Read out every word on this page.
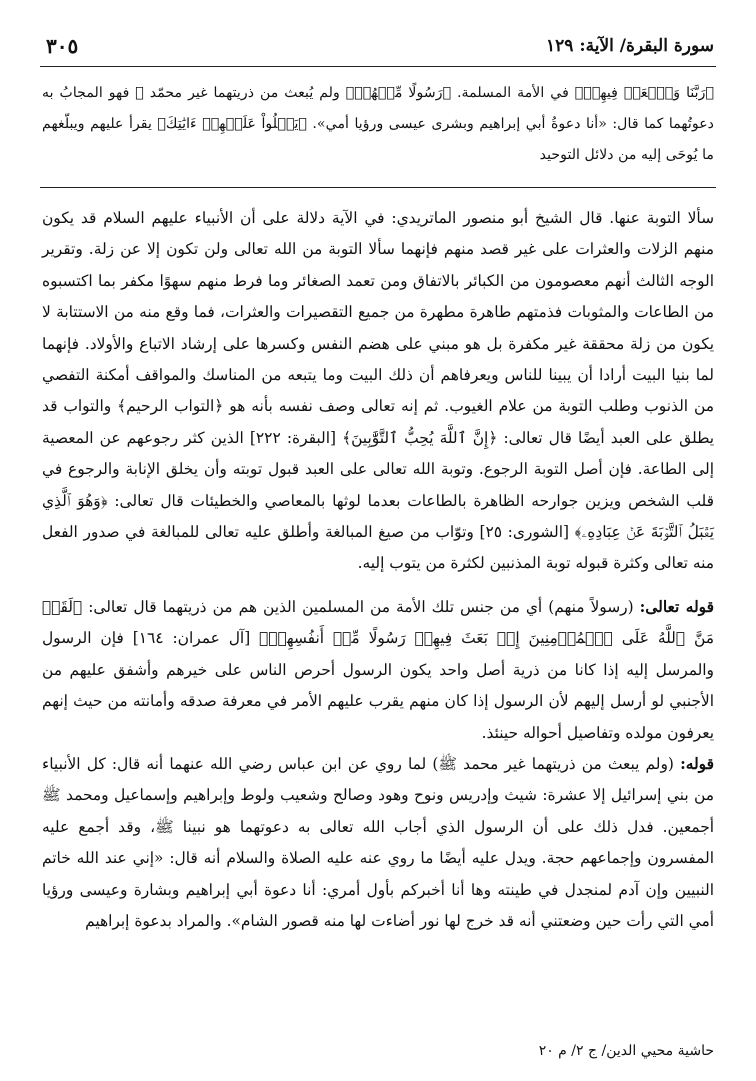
سورة البقرة/ الآية: ١٢٩
٣٠٥
﴿رَبَّنَا وَٱبۡعَثۡ فِيهِمۡ﴾ في الأمة المسلمة. ﴿رَسُولًا مِّنۡهُمۡ﴾ ولم يُبعث من ذريتهما غير محمّد ﷺ فهو المجابُ به دعوتُهما كما قال: «أنا دعوةُ أبي إبراهيم وبشرى عيسى ورؤيا أمي». ﴿يَتۡلُواْ عَلَيۡهِمۡ ءَايَٰتِكَ﴾ يقرأ عليهم ويبلّغهم ما يُوحَى إليه من دلائل التوحيد

سألا التوبة عنها. قال الشيخ أبو منصور الماتريدي: في الآية دلالة على أن الأنبياء عليهم السلام قد يكون منهم الزلات والعثرات على غير قصد منهم فإنهما سألا التوبة من الله تعالى ولن تكون إلا عن زلة. وتقرير الوجه الثالث أنهم معصومون من الكبائر بالاتفاق ومن تعمد الصغائر وما فرط منهم سهوًا مكفر بما اكتسبوه من الطاعات والمثوبات فذمتهم طاهرة مطهرة من جميع التقصيرات والعثرات، فما وقع منه من الاستتابة لا يكون من زلة محققة غير مكفرة بل هو مبني على هضم النفس وكسرها على إرشاد الاتباع والأولاد. فإنهما لما بنيا البيت أرادا أن يبينا للناس ويعرفاهم أن ذلك البيت وما يتبعه من المناسك والمواقف أمكنة التفصي من الذنوب وطلب التوبة من علام الغيوب. ثم إنه تعالى وصف نفسه بأنه هو ﴿التواب الرحيم﴾ والتواب قد يطلق على العبد أيضًا قال تعالى: ﴿إِنَّ ٱللَّهَ يُحِبُّ ٱلتَّوَّٰبِينَ﴾ [البقرة: ٢٢٢] الذين كثر رجوعهم عن المعصية إلى الطاعة. فإن أصل التوبة الرجوع. وتوبة الله تعالى على العبد قبول توبته وأن يخلق الإنابة والرجوع في قلب الشخص ويزين جوارحه الظاهرة بالطاعات بعدما لوثها بالمعاصي والخطيئات قال تعالى: ﴿وَهُوَ ٱلَّذِي يَقۡبَلُ ٱلتَّوۡبَةَ عَنۡ عِبَادِهِۦ﴾ [الشورى: ٢٥] وتوّاب من صيغ المبالغة وأطلق عليه تعالى للمبالغة في صدور الفعل منه تعالى وكثرة قبوله توبة المذنبين لكثرة من يتوب إليه.

قوله تعالى: (رسولاً منهم) أي من جنس تلك الأمة من المسلمين الذين هم من ذريتهما قال تعالى: ﴿لَقَدۡ مَنَّ ٱللَّهُ عَلَى ٱلۡمُؤۡمِنِينَ إِذۡ بَعَثَ فِيهِمۡ رَسُولًا مِّنۡ أَنفُسِهِمۡ﴾ [آل عمران: ١٦٤] فإن الرسول والمرسل إليه إذا كانا من ذرية أصل واحد يكون الرسول أحرص الناس على خيرهم وأشفق عليهم من الأجنبي لو أرسل إليهم لأن الرسول إذا كان منهم يقرب عليهم الأمر في معرفة صدقه وأمانته من حيث إنهم يعرفون مولده وتفاصيل أحواله حينئذ.

قوله: (ولم يبعث من ذريتهما غير محمد ﷺ) لما روي عن ابن عباس رضي الله عنهما أنه قال: كل الأنبياء من بني إسرائيل إلا عشرة: شيث وإدريس ونوح وهود وصالح وشعيب ولوط وإبراهيم وإسماعيل ومحمد ﷺ أجمعين. فدل ذلك على أن الرسول الذي أجاب الله تعالى به دعوتهما هو نبينا ﷺ، وقد أجمع عليه المفسرون وإجماعهم حجة. ويدل عليه أيضًا ما روي عنه عليه الصلاة والسلام أنه قال: «إني عند الله خاتم النبيين وإن آدم لمنجدل في طينته وها أنا أخبركم بأول أمري: أنا دعوة أبي إبراهيم وبشارة وعيسى ورؤيا أمي التي رأت حين وضعتني أنه قد خرج لها نور أضاءت لها منه قصور الشام». والمراد بدعوة إبراهيم

حاشية محيي الدين/ ج ٢/ م ٢٠
